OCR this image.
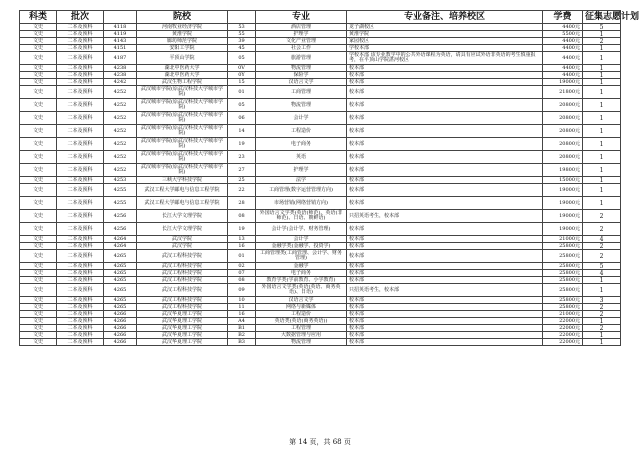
科类	批次		院校		专业	专业备注、培养校区	学费	征集志愿计划
文史	二本及预科	4118	河南牧业经济学院	53	酒店管理	龙子湖校区	4400元	5
文史	二本及预科	4119	黄淮学院	55	护理学	黄淮学院	5500元	1
文史	二本及预科	4143	廊坊师范学院	39	文化产业管理	家园校区	4400元	2
文史	二本及预科	4151	安阳工学院	45	社会工作	学校本部	4400元	1
文史	二本及预科	4187	平顶山学院	05	旅游管理	学校本部 该专业教学中的公共外语课程为英语，请具有应试外语非英语的考生慎重报考，在平顶山学院湛河校区	4400元	1
文史	二本及预科	4238	湖北中医药大学	0V	物流管理	校本部	4400元	1
文史	二本及预科	4238	湖北中医药大学	0Y	保险学	校本部	4400元	1
文史	二本及预科	4242	武汉生物工程学院	15	汉语言文学	校本部	19000元	1
文史	二本及预科	4252	武汉城市学院(原武汉科技大学城市学院)	01	工商管理	校本部	21800元	1
文史	二本及预科	4252	武汉城市学院(原武汉科技大学城市学院)	05	物流管理	校本部	20800元	1
文史	二本及预科	4252	武汉城市学院(原武汉科技大学城市学院)	06	会计学	校本部	20800元	1
文史	二本及预科	4252	武汉城市学院(原武汉科技大学城市学院)	14	工程造价	校本部	20800元	1
文史	二本及预科	4252	武汉城市学院(原武汉科技大学城市学院)	19	电子商务	校本部	20800元	1
文史	二本及预科	4252	武汉城市学院(原武汉科技大学城市学院)	23	英语	校本部	20800元	1
文史	二本及预科	4252	武汉城市学院(原武汉科技大学城市学院)	27	护理学	校本部	19800元	1
文史	二本及预科	4253	三峡大学科技学院	25	法学	校本部	15000元	1
文史	二本及预科	4255	武汉工程大学邮电与信息工程学院	22	工商管理(数字运营管理方向)	校本部	19000元	1
文史	二本及预科	4255	武汉工程大学邮电与信息工程学院	28	市场营销(网络营销方向)	校本部	19000元	1
文史	二本及预科	4256	长江大学文理学院	08	外国语言文学类(英语(师范)、英语(非师范)、日语、朝鲜语)	只招英语考生，校本部	19000元	2
文史	二本及预科	4256	长江大学文理学院	19	会计学(会计学、财务管理)	校本部	19000元	2
文史	二本及预科	4264	武汉学院	13	会计学	校本部	21000元	4
文史	二本及预科	4264	武汉学院	16	金融学类(金融学、投资学)	校本部	25800元	2
文史	二本及预科	4265	武汉工程科技学院	01	工商管理类(工商管理、会计学、财务管理)	校本部	25800元	2
文史	二本及预科	4265	武汉工程科技学院	02	金融学	校本部	25800元	5
文史	二本及预科	4265	武汉工程科技学院	07	电子商务	校本部	25800元	4
文史	二本及预科	4265	武汉工程科技学院	08	教育学类(学前教育、小学教育)	校本部	25800元	1
文史	二本及预科	4265	武汉工程科技学院	09	外国语言文学类(英语(英语、商务英语)、日语)	只招英语考生，校本部	25800元	1
文史	二本及预科	4265	武汉工程科技学院	10	汉语言文学	校本部	25800元	3
文史	二本及预科	4265	武汉工程科技学院	11	网络与新媒体	校本部	25800元	2
文史	二本及预科	4266	武汉华夏理工学院	16	工程造价	校本部	21000元	2
文史	二本及预科	4266	武汉华夏理工学院	A4	英语类(英语(商务英语))	校本部	22000元	1
文史	二本及预科	4266	武汉华夏理工学院	B1	工程管理	校本部	22000元	2
文史	二本及预科	4266	武汉华夏理工学院	B2	大数据管理与应用	校本部	22000元	1
文史	二本及预科	4266	武汉华夏理工学院	B3	物流管理	校本部	22000元	1
第 14 页，共 68 页
